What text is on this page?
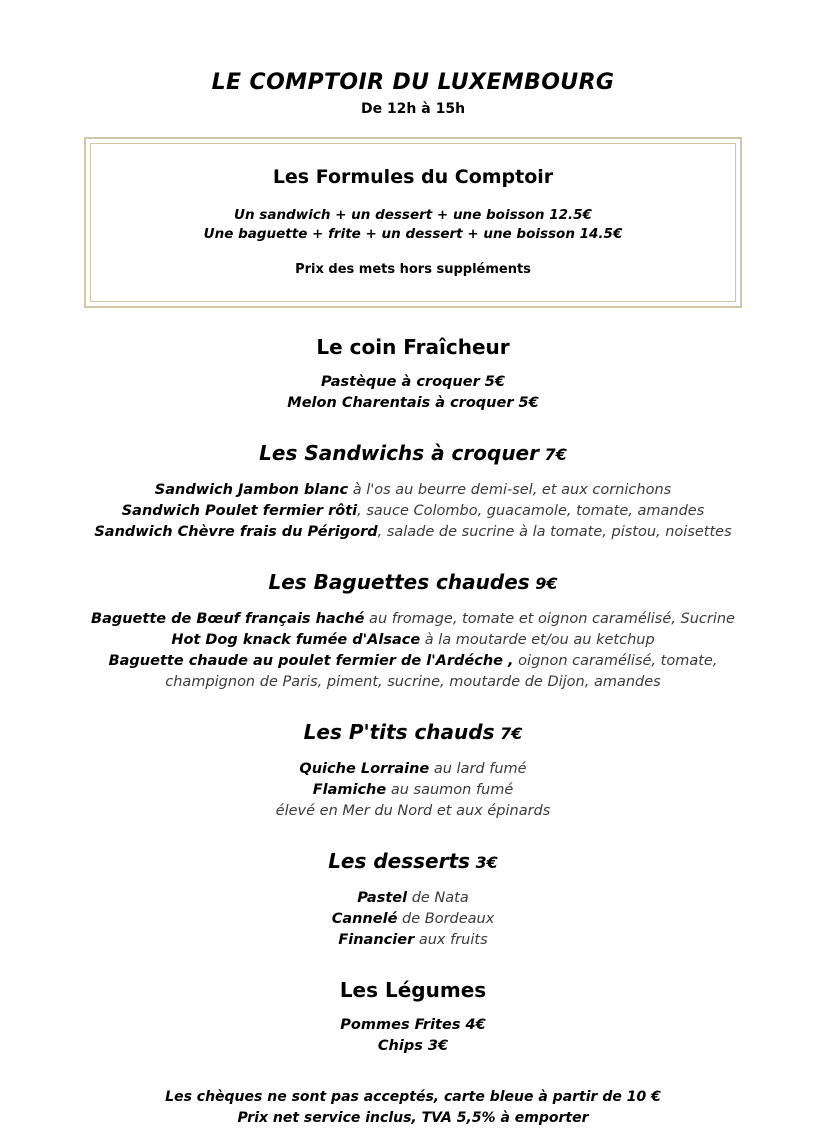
LE COMPTOIR DU LUXEMBOURG
De 12h à 15h
Les Formules du Comptoir
Un sandwich + un dessert + une boisson 12.5€
Une baguette + frite + un dessert + une boisson 14.5€
Prix des mets hors suppléments
Le coin Fraîcheur
Pastèque à croquer 5€
Melon Charentais à croquer 5€
Les Sandwichs à croquer 7€
Sandwich Jambon blanc à l'os au beurre demi-sel, et aux cornichons
Sandwich Poulet fermier rôti, sauce Colombo, guacamole, tomate, amandes
Sandwich Chèvre frais du Périgord, salade de sucrine à la tomate, pistou, noisettes
Les Baguettes chaudes 9€
Baguette de Bœuf français haché au fromage, tomate et oignon caramélisé, Sucrine
Hot Dog knack fumée d'Alsace à la moutarde et/ou au ketchup
Baguette chaude au poulet fermier de l'Ardéche , oignon caramélisé, tomate,
champignon de Paris, piment, sucrine, moutarde de Dijon, amandes
Les P'tits chauds 7€
Quiche Lorraine au lard fumé
Flamiche au saumon fumé
élevé en Mer du Nord et aux épinards
Les desserts 3€
Pastel de Nata
Cannelé de Bordeaux
Financier aux fruits
Les Légumes
Pommes Frites 4€
Chips 3€
Les chèques ne sont pas acceptés, carte bleue à partir de 10 €
Prix net service inclus, TVA 5,5% à emporter
